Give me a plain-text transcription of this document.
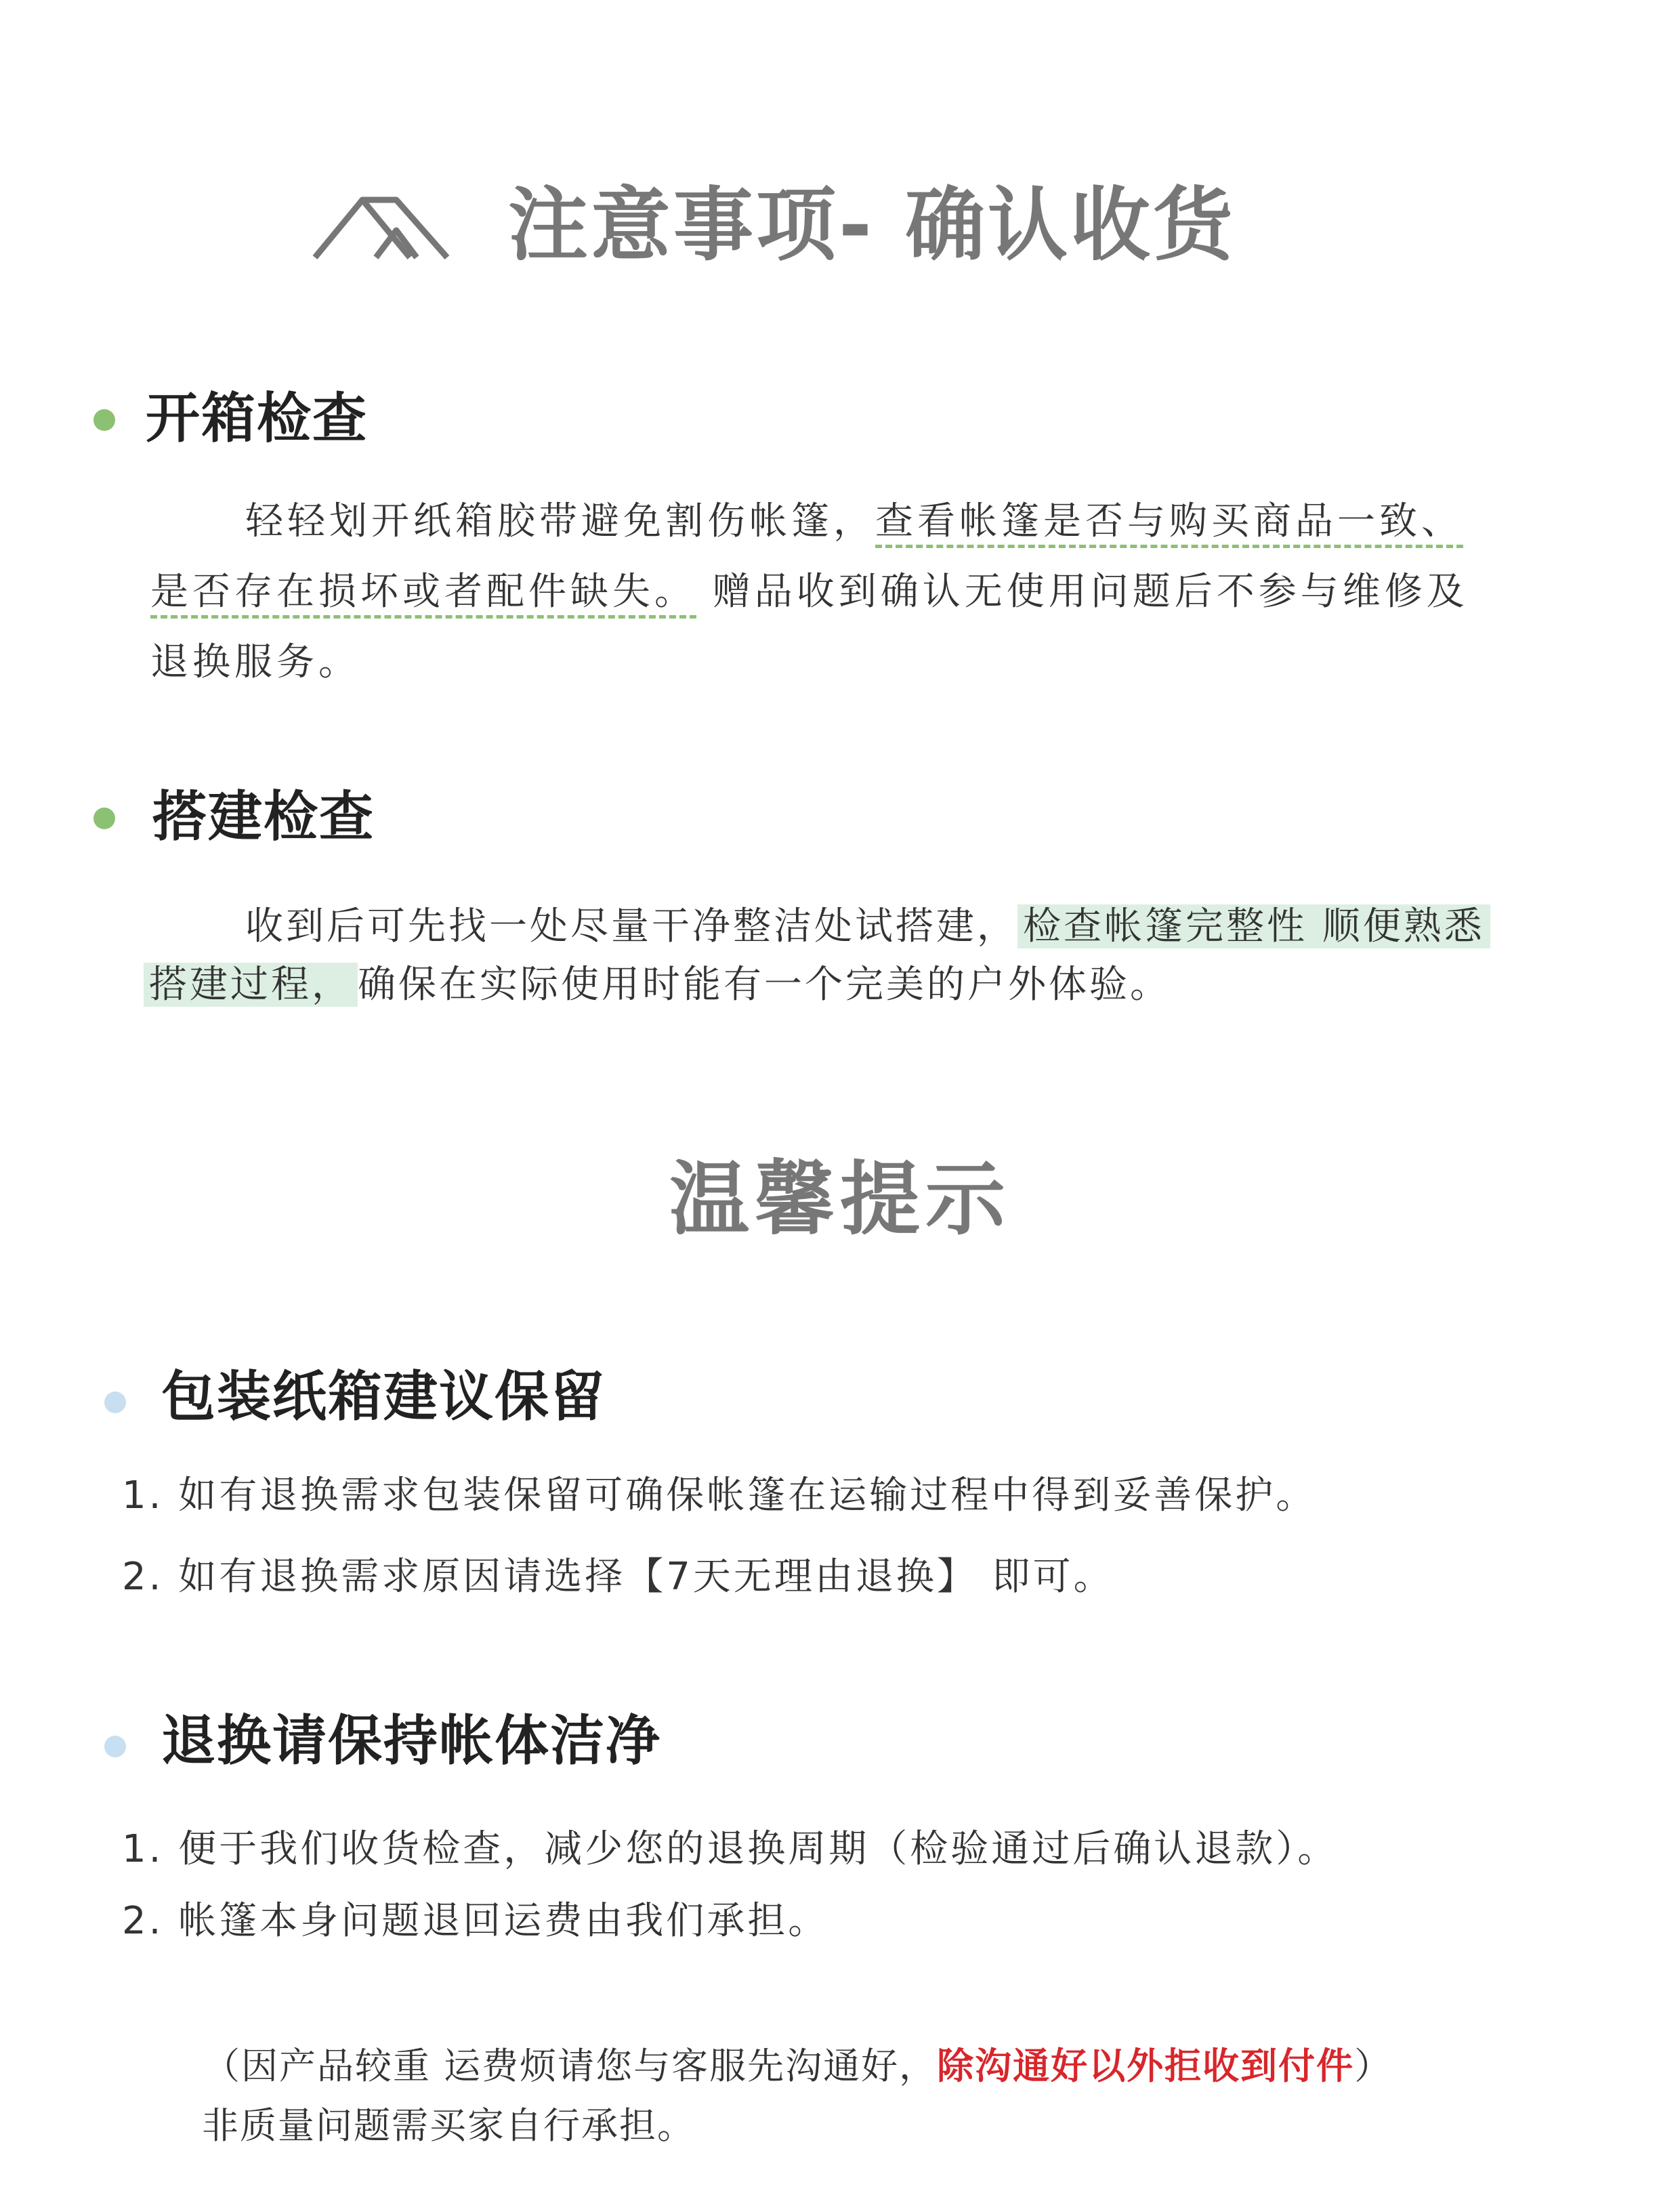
注意事项- 确认收货
开箱检查
轻轻划开纸箱胶带避免割伤帐篷，查看帐篷是否与购买商品一致、
是否存在损坏或者配件缺失。 赠品收到确认无使用问题后不参与维修及
退换服务。
搭建检查
收到后可先找一处尽量干净整洁处试搭建， 检查帐篷完整性 顺便熟悉
搭建过程， 确保在实际使用时能有一个完美的户外体验。
温馨提示
包装纸箱建议保留
1. 如有退换需求包装保留可确保帐篷在运输过程中得到妥善保护。
2. 如有退换需求原因请选择【7天无理由退换】 即可。
退换请保持帐体洁净
1. 便于我们收货检查，减少您的退换周期（检验通过后确认退款）。
2. 帐篷本身问题退回运费由我们承担。
（因产品较重 运费烦请您与客服先沟通好，除沟通好以外拒收到付件）
非质量问题需买家自行承担。
